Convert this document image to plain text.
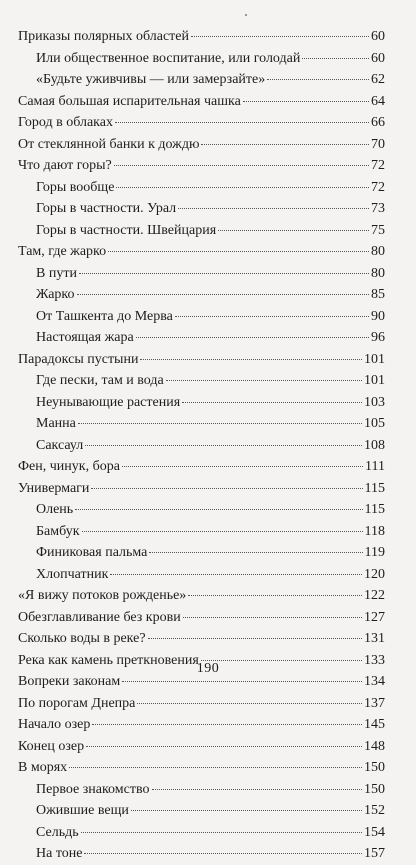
Приказы полярных областей	60
Или общественное воспитание, или голодай	60
«Будьте уживчивы — или замерзайте»	62
Самая большая испарительная чашка	64
Город в облаках	66
От стеклянной банки к дождю	70
Что дают горы?	72
Горы вообще	72
Горы в частности. Урал	73
Горы в частности. Швейцария	75
Там, где жарко	80
В пути	80
Жарко	85
От Ташкента до Мерва	90
Настоящая жара	96
Парадоксы пустыни	101
Где пески, там и вода	101
Неунывающие растения	103
Манна	105
Саксаул	108
Фен, чинук, бора	111
Универмаги	115
Олень	115
Бамбук	118
Финиковая пальма	119
Хлопчатник	120
«Я вижу потоков рожденье»	122
Обезглавливание без крови	127
Сколько воды в реке?	131
Река как камень преткновения	133
Вопреки законам	134
По порогам Днепра	137
Начало озер	145
Конец озер	148
В морях	150
Первое знакомство	150
Ожившие вещи	152
Сельдь	154
На тоне	157
190
